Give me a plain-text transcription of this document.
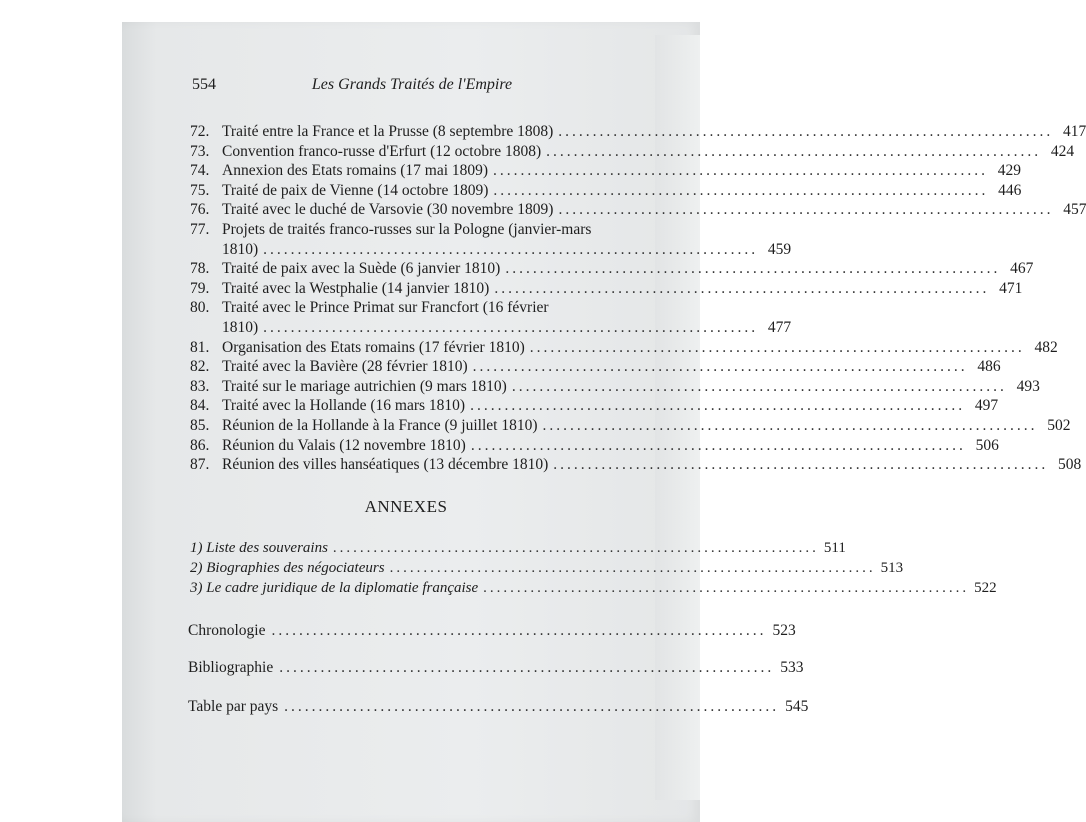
554	Les Grands Traités de l'Empire
72. Traité entre la France et la Prusse (8 septembre 1808) ........................................................................ 417
73. Convention franco-russe d'Erfurt (12 octobre 1808) ........................................................................ 424
74. Annexion des Etats romains (17 mai 1809) ........................................................................ 429
75. Traité de paix de Vienne (14 octobre 1809) ........................................................................ 446
76. Traité avec le duché de Varsovie (30 novembre 1809) ........................................................................ 457
77. Projets de traités franco-russes sur la Pologne (janvier-mars
1810) ........................................................................ 459
78. Traité de paix avec la Suède (6 janvier 1810) ........................................................................ 467
79. Traité avec la Westphalie (14 janvier 1810) ........................................................................ 471
80. Traité avec le Prince Primat sur Francfort (16 février
1810) ........................................................................ 477
81. Organisation des Etats romains (17 février 1810) ........................................................................ 482
82. Traité avec la Bavière (28 février 1810) ........................................................................ 486
83. Traité sur le mariage autrichien (9 mars 1810) ........................................................................ 493
84. Traité avec la Hollande (16 mars 1810) ........................................................................ 497
85. Réunion de la Hollande à la France (9 juillet 1810) ........................................................................ 502
86. Réunion du Valais (12 novembre 1810) ........................................................................ 506
87. Réunion des villes hanséatiques (13 décembre 1810) ........................................................................ 508
ANNEXES
1) Liste des souverains ........................................................................ 511
2) Biographies des négociateurs ........................................................................ 513
3) Le cadre juridique de la diplomatie française ........................................................................ 522
Chronologie ........................................................................ 523
Bibliographie ........................................................................ 533
Table par pays ........................................................................ 545
